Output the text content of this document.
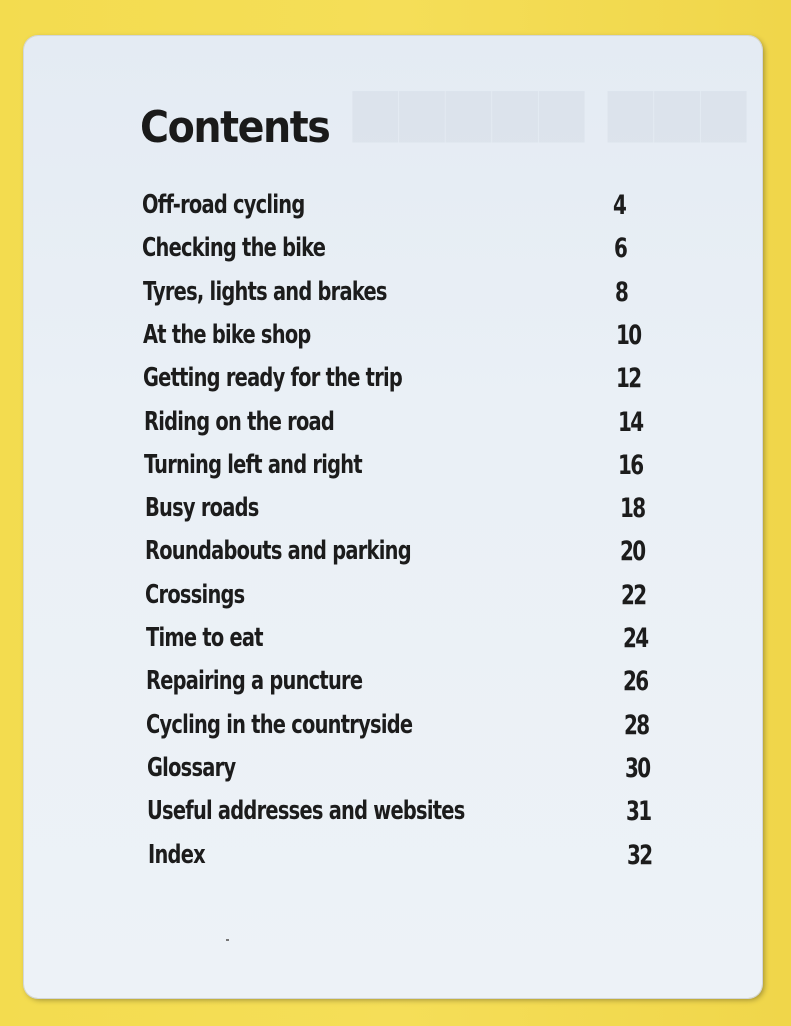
▆▆▆▆▆ ▆▆▆
Contents
Off-road cycling	4
Checking the bike	6
Tyres, lights and brakes	8
At the bike shop	10
Getting ready for the trip	12
Riding on the road	14
Turning left and right	16
Busy roads	18
Roundabouts and parking	20
Crossings	22
Time to eat	24
Repairing a puncture	26
Cycling in the countryside	28
Glossary	30
Useful addresses and websites	31
Index	32
